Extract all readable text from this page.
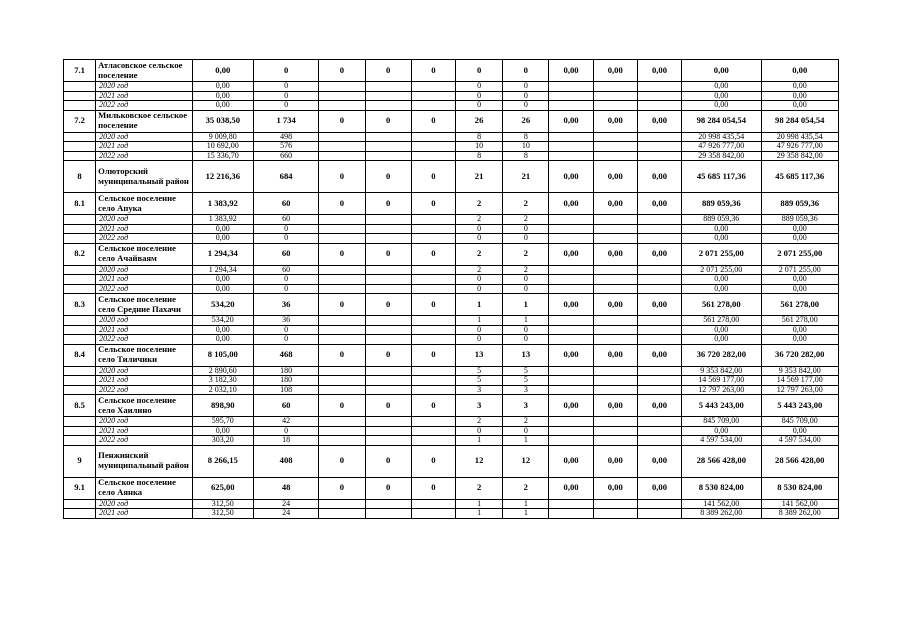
7.1	Атласовское сельское поселение	0,00	0	0	0	0	0	0	0,00	0,00	0,00	0,00	0,00
	2020 год	0,00	0				0	0				0,00	0,00
	2021 год	0,00	0				0	0				0,00	0,00
	2022 год	0,00	0				0	0				0,00	0,00
7.2	Мильковское сельское поселение	35 038,50	1 734	0	0	0	26	26	0,00	0,00	0,00	98 284 054,54	98 284 054,54
	2020 год	9 009,80	498				8	8				20 998 435,54	20 998 435,54
	2021 год	10 692,00	576				10	10				47 926 777,00	47 926 777,00
	2022 год	15 336,70	660				8	8				29 358 842,00	29 358 842,00
8	Олюторский муниципальный район	12 216,36	684	0	0	0	21	21	0,00	0,00	0,00	45 685 117,36	45 685 117,36
8.1	Сельское поселение село Апука	1 383,92	60	0	0	0	2	2	0,00	0,00	0,00	889 059,36	889 059,36
	2020 год	1 383,92	60				2	2				889 059,36	889 059,36
	2021 год	0,00	0				0	0				0,00	0,00
	2022 год	0,00	0				0	0				0,00	0,00
8.2	Сельское поселение село Ачайваям	1 294,34	60	0	0	0	2	2	0,00	0,00	0,00	2 071 255,00	2 071 255,00
	2020 год	1 294,34	60				2	2				2 071 255,00	2 071 255,00
	2021 год	0,00	0				0	0				0,00	0,00
	2022 год	0,00	0				0	0				0,00	0,00
8.3	Сельское поселение село Средние Пахачи	534,20	36	0	0	0	1	1	0,00	0,00	0,00	561 278,00	561 278,00
	2020 год	534,20	36				1	1				561 278,00	561 278,00
	2021 год	0,00	0				0	0				0,00	0,00
	2022 год	0,00	0				0	0				0,00	0,00
8.4	Сельское поселение село Тиличики	8 105,00	468	0	0	0	13	13	0,00	0,00	0,00	36 720 282,00	36 720 282,00
	2020 год	2 890,60	180				5	5				9 353 842,00	9 353 842,00
	2021 год	3 182,30	180				5	5				14 569 177,00	14 569 177,00
	2022 год	2 032,10	108				3	3				12 797 263,00	12 797 263,00
8.5	Сельское поселение село Хаилино	898,90	60	0	0	0	3	3	0,00	0,00	0,00	5 443 243,00	5 443 243,00
	2020 год	595,70	42				2	2				845 709,00	845 709,00
	2021 год	0,00	0				0	0				0,00	0,00
	2022 год	303,20	18				1	1				4 597 534,00	4 597 534,00
9	Пенжинский муниципальный район	8 266,15	408	0	0	0	12	12	0,00	0,00	0,00	28 566 428,00	28 566 428,00
9.1	Сельское поселение село Аянка	625,00	48	0	0	0	2	2	0,00	0,00	0,00	8 530 824,00	8 530 824,00
	2020 год	312,50	24				1	1				141 562,00	141 562,00
	2021 год	312,50	24				1	1				8 389 262,00	8 389 262,00
